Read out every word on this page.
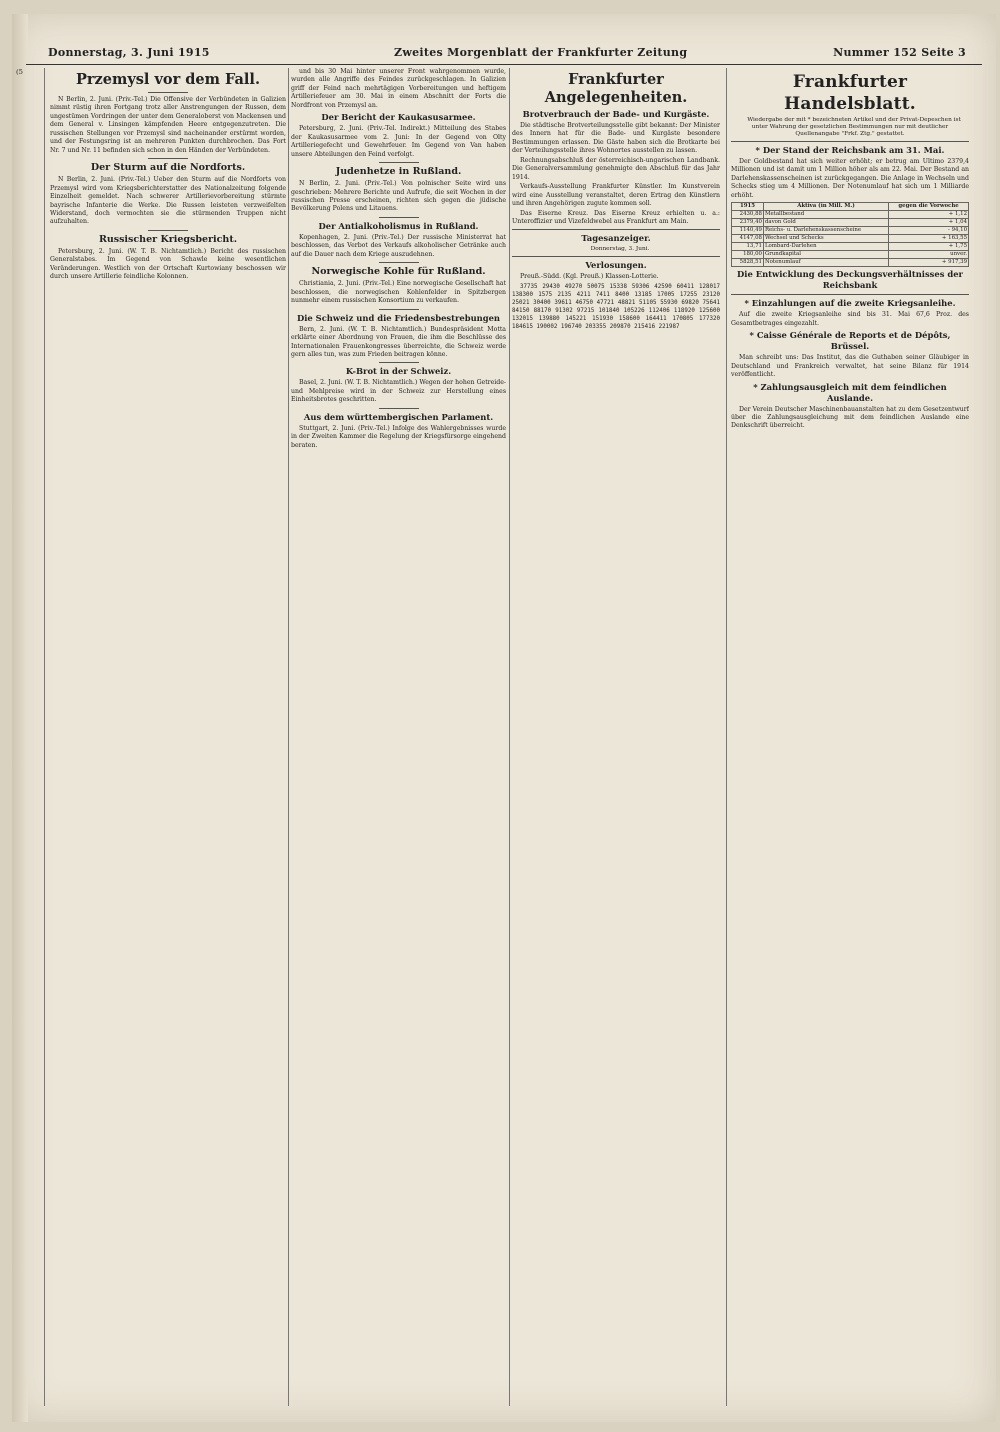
Donnerstag, 3. Juni 1915	Zweites Morgenblatt der Frankfurter Zeitung	Nummer 152 Seite 3

(5	Przemysl vor dem Fall.

N Berlin, 2. Juni. (Priv.-Tel.) Die Offensive der Verbündeten in Galizien nimmt rüstig ihren Fortgang trotz aller Anstrengungen der Russen, dem ungestümen Vordringen der unter dem Generaloberst von Mackensen und dem General v. Linsingen kämpfenden Heere entgegenzutreten. Die russischen Stellungen vor Przemysl sind nacheinander erstürmt worden, und der Festungsring ist an mehreren Punkten durchbrochen. Das Fort Nr. 7 und Nr. 11 befinden sich schon in den Händen der Verbündeten.

Der Sturm auf die Nordforts.

N Berlin, 2. Juni. (Priv.-Tel.) Ueber den Sturm auf die Nordforts von Przemysl wird vom Kriegsberichterstatter des Nationalzeitung folgende Einzelheit gemeldet. Nach schwerer Artillerievorbereitung stürmte bayrische Infanterie die Werke. Die Russen leisteten verzweifelten Widerstand, doch vermochten sie die stürmenden Truppen nicht aufzuhalten.

Russischer Kriegsbericht.

Petersburg, 2. Juni. (W. T. B. Nichtamtlich.) Bericht des russischen Generalstabes. Im Gegend von Schawle keine wesentlichen Veränderungen. Westlich von der Ortschaft Kurtowiany beschossen wir durch unsere Artillerie feindliche Kolonnen.

und bis 30 Mai hinter unserer Front wahrgenommen wurde, wurden alle Angriffe des Feindes zurückgeschlagen. In Galizien griff der Feind nach mehrtägigen Vorbereitungen und heftigem Artilleriefeuer am 30. Mai in einem Abschnitt der Forts die Nordfront von Przemysl an.

Der Bericht der Kaukasusarmee.

Petersburg, 2. Juni. (Priv.-Tel. Indirekt.) Mitteilung des Stabes der Kaukasusarmee vom 2. Juni: In der Gegend von Olty Artilleriegefecht und Gewehrfeuer. Im Gegend von Van haben unsere Abteilungen den Feind verfolgt.

Judenhetze in Rußland.

N Berlin, 2. Juni. (Priv.-Tel.) Von polnischer Seite wird uns geschrieben: Mehrere Berichte und Aufrufe, die seit Wochen in der russischen Presse erscheinen, richten sich gegen die jüdische Bevölkerung Polens und Litauens.

Der Antialkoholismus in Rußland.

Kopenhagen, 2. Juni. (Priv.-Tel.) Der russische Ministerrat hat beschlossen, das Verbot des Verkaufs alkoholischer Getränke auch auf die Dauer nach dem Kriege auszudehnen.

Norwegische Kohle für Rußland.

Christiania, 2. Juni. (Priv.-Tel.) Eine norwegische Gesellschaft hat beschlossen, die norwegischen Kohlenfelder in Spitzbergen nunmehr einem russischen Konsortium zu verkaufen.

Die Schweiz und die Friedensbestrebungen

Bern, 2. Juni. (W. T. B. Nichtamtlich.) Bundespräsident Motta erklärte einer Abordnung von Frauen, die ihm die Beschlüsse des Internationalen Frauenkongresses überreichte, die Schweiz werde gern alles tun, was zum Frieden beitragen könne.

K-Brot in der Schweiz.

Basel, 2. Juni. (W. T. B. Nichtamtlich.) Wegen der hohen Getreide- und Mehlpreise wird in der Schweiz zur Herstellung eines Einheitsbrotes geschritten.

Aus dem württembergischen Parlament.

Stuttgart, 2. Juni. (Priv.-Tel.) Infolge des Wahlergebnisses wurde in der Zweiten Kammer die Regelung der Kriegsfürsorge eingehend beraten.

Frankfurter Angelegenheiten.
Brotverbrauch der Bade- und Kurgäste.

Die städtische Brotverteilungsstelle gibt bekannt: Der Minister des Innern hat für die Bade- und Kurgäste besondere Bestimmungen erlassen. Die Gäste haben sich die Brotkarte bei der Verteilungsstelle ihres Wohnortes ausstellen zu lassen.

Rechnungsabschluß der österreichisch-ungarischen Landbank. Die Generalversammlung genehmigte den Abschluß für das Jahr 1914.

Verkaufs-Ausstellung Frankfurter Künstler. Im Kunstverein wird eine Ausstellung veranstaltet, deren Ertrag den Künstlern und ihren Angehörigen zugute kommen soll.

Das Eiserne Kreuz. Das Eiserne Kreuz erhielten u. a.: Unteroffizier und Vizefeldwebel aus Frankfurt am Main.

Tagesanzeiger.

Donnerstag, 3. Juni.

Verlosungen.

Preuß.-Südd. (Kgl. Preuß.) Klassen-Lotterie.

37735 29430 49270 50075 15338 59306 42590 60411 128017 138300 1575 2135 4211 7411 8400 13185 17005 17255 23120 25021 30400 39611 46750 47721 48821 51105 55930 69820 75641 84150 88170 91302 97215 101840 105226 112406 118920 125600 132015 139880 145221 151930 158600 164411 170805 177320 184615 190002 196740 203355 209870 215416 221987

Frankfurter Handelsblatt.

Wiedergabe der mit * bezeichneten Artikel und der Privat-Depeschen ist unter Wahrung der gesetzlichen Bestimmungen nur mit deutlicher Quellenangabe "Frkf. Ztg." gestattet.

* Der Stand der Reichsbank am 31. Mai.

Der Goldbestand hat sich weiter erhöht; er betrug am Ultimo 2379,4 Millionen und ist damit um 1 Million höher als am 22. Mai. Der Bestand an Darlehenskassenscheinen ist zurückgegangen. Die Anlage in Wechseln und Schecks stieg um 4 Millionen. Der Notenumlauf hat sich um 1 Milliarde erhöht.

1915	Aktiva (in Mill. M.)	gegen die Vorwoche
2430,88	Metallbestand	+ 1,12
2379,40	davon Gold	+ 1,04
1140,49	Reichs- u. Darlehenskassenscheine	- 94,10
4147,08	Wechsel und Schecks	+ 163,55
13,71	Lombard-Darlehen	+ 1,75
180,00	Grundkapital	unver.
5828,51	Notenumlauf	+ 917,39
Die Entwicklung des Deckungsverhältnisses der Reichsbank
* Einzahlungen auf die zweite Kriegsanleihe.

Auf die zweite Kriegsanleihe sind bis 31. Mai 67,6 Proz. des Gesamtbetrages eingezahlt.

* Caisse Générale de Reports et de Dépôts, Brüssel.

Man schreibt uns: Das Institut, das die Guthaben seiner Gläubiger in Deutschland und Frankreich verwaltet, hat seine Bilanz für 1914 veröffentlicht.

* Zahlungsausgleich mit dem feindlichen Auslande.

Der Verein Deutscher Maschinenbauanstalten hat zu dem Gesetzentwurf über die Zahlungsausgleichung mit dem feindlichen Auslande eine Denkschrift überreicht.
